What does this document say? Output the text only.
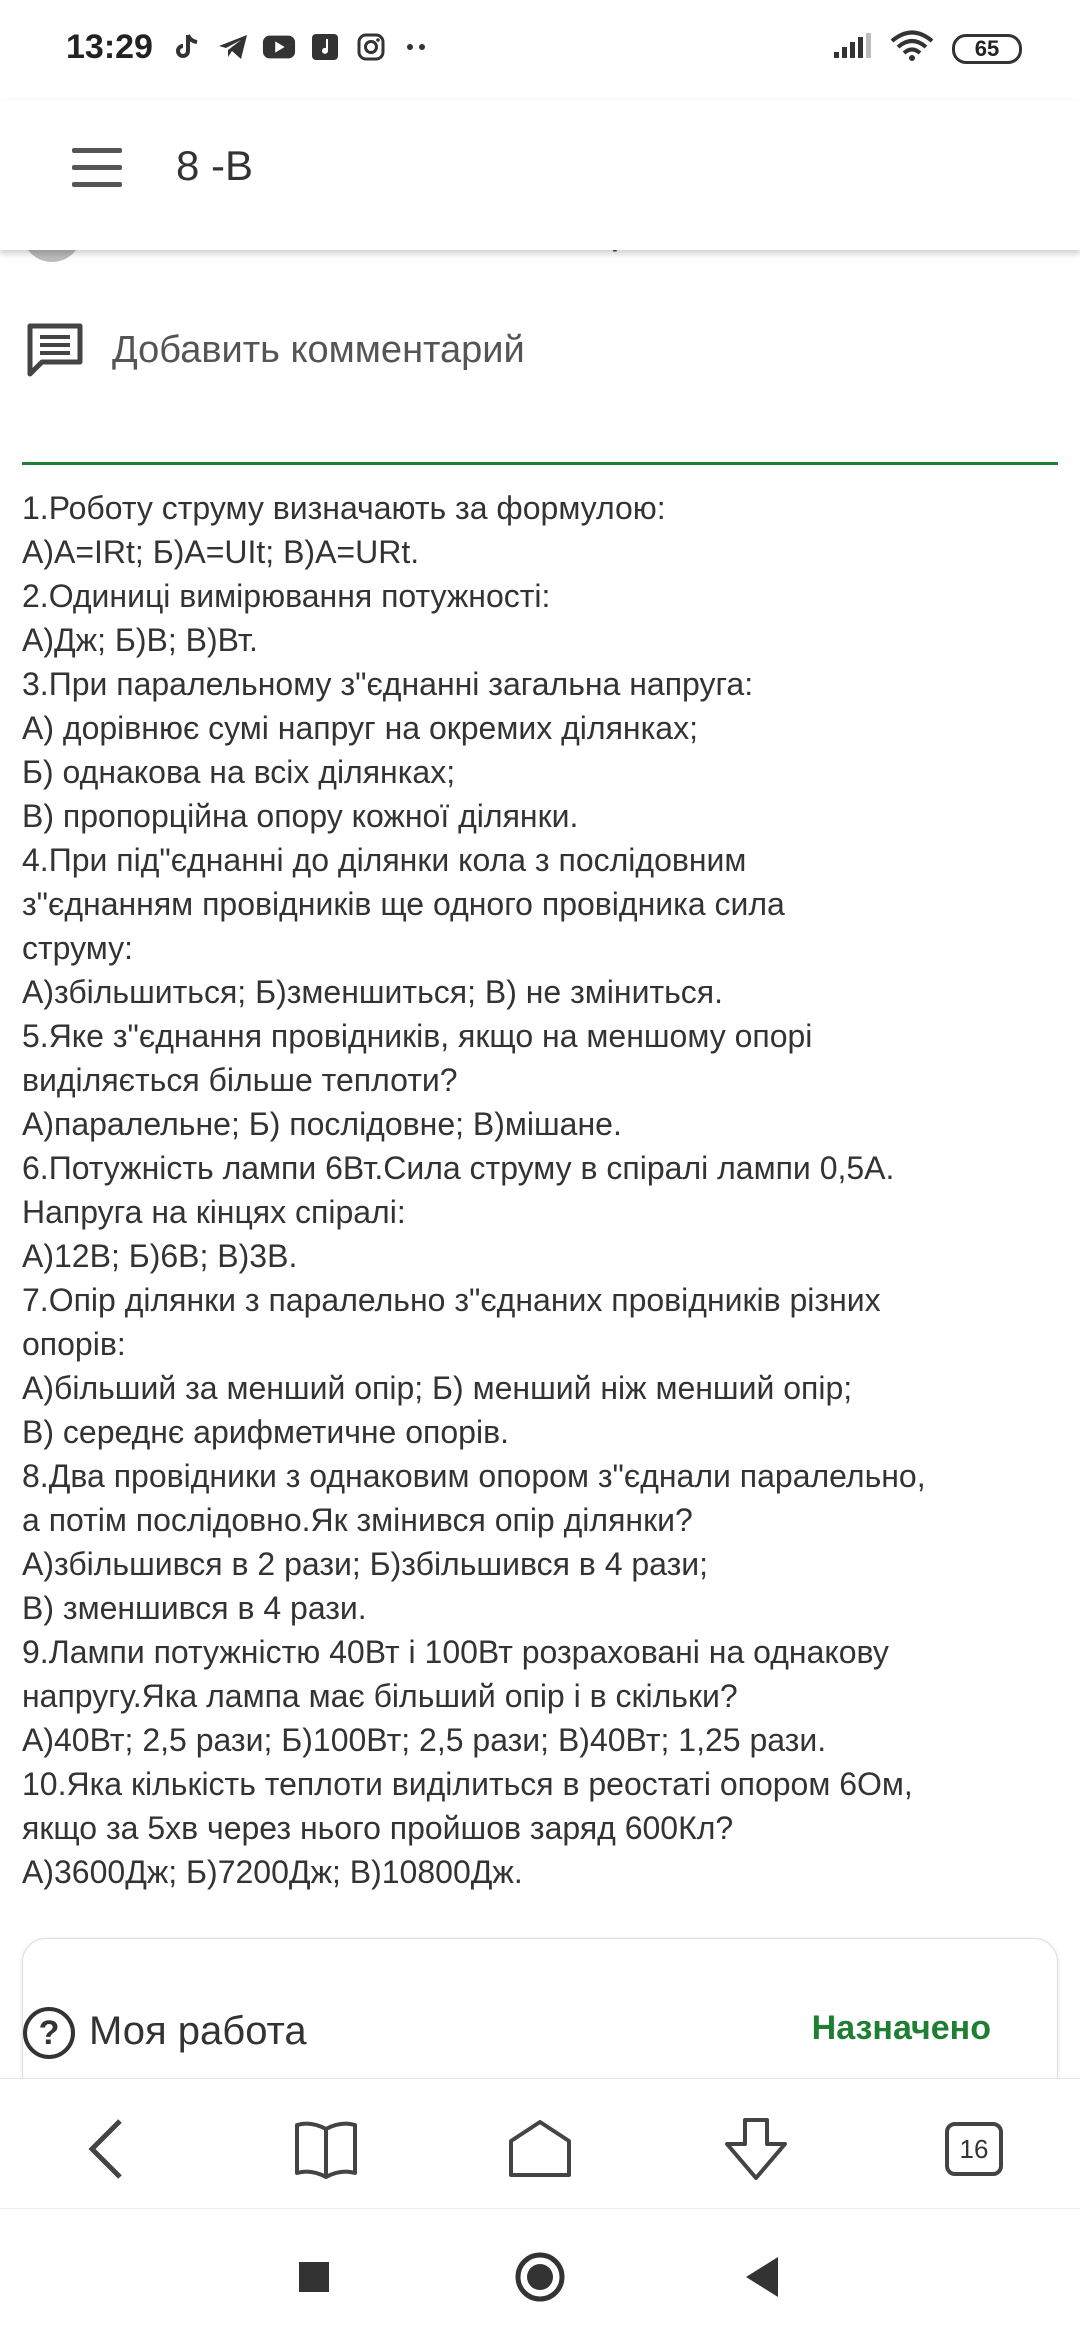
13:29	65
8 -В
Добавить комментарий
1.Роботу струму визначають за формулою:
А)А=ІRt; Б)А=UІt; В)А=URt.
2.Одиниці вимірювання потужності:
А)Дж; Б)В; В)Вт.
3.При паралельному з"єднанні загальна напруга:
А) дорівнює сумі напруг на окремих ділянках;
Б) однакова на всіх ділянках;
В) пропорційна опору кожної ділянки.
4.При під"єднанні до ділянки кола з послідовним
з"єднанням провідників ще одного провідника сила
струму:
А)збільшиться; Б)зменшиться; В) не зміниться.
5.Яке з"єднання провідників, якщо на меншому опорі
виділяється більше теплоти?
А)паралельне; Б) послідовне; В)мішане.
6.Потужність лампи 6Вт.Сила струму в спіралі лампи 0,5А.
Напруга на кінцях спіралі:
А)12В; Б)6В; В)3В.
7.Опір ділянки з паралельно з"єднаних провідників різних
опорів:
А)більший за менший опір; Б) менший ніж менший опір;
В) середнє арифметичне опорів.
8.Два провідники з однаковим опором з"єднали паралельно,
а потім послідовно.Як змінився опір ділянки?
А)збільшився в 2 рази; Б)збільшився в 4 рази;
В) зменшився в 4 рази.
9.Лампи потужністю 40Вт і 100Вт розраховані на однакову
напругу.Яка лампа має більший опір і в скільки?
А)40Вт; 2,5 рази; Б)100Вт; 2,5 рази; В)40Вт; 1,25 рази.
10.Яка кількість теплоти виділиться в реостаті опором 6Ом,
якщо за 5хв через нього пройшов заряд 600Кл?
А)3600Дж; Б)7200Дж; В)10800Дж.
? Моя работа	Назначено
16
